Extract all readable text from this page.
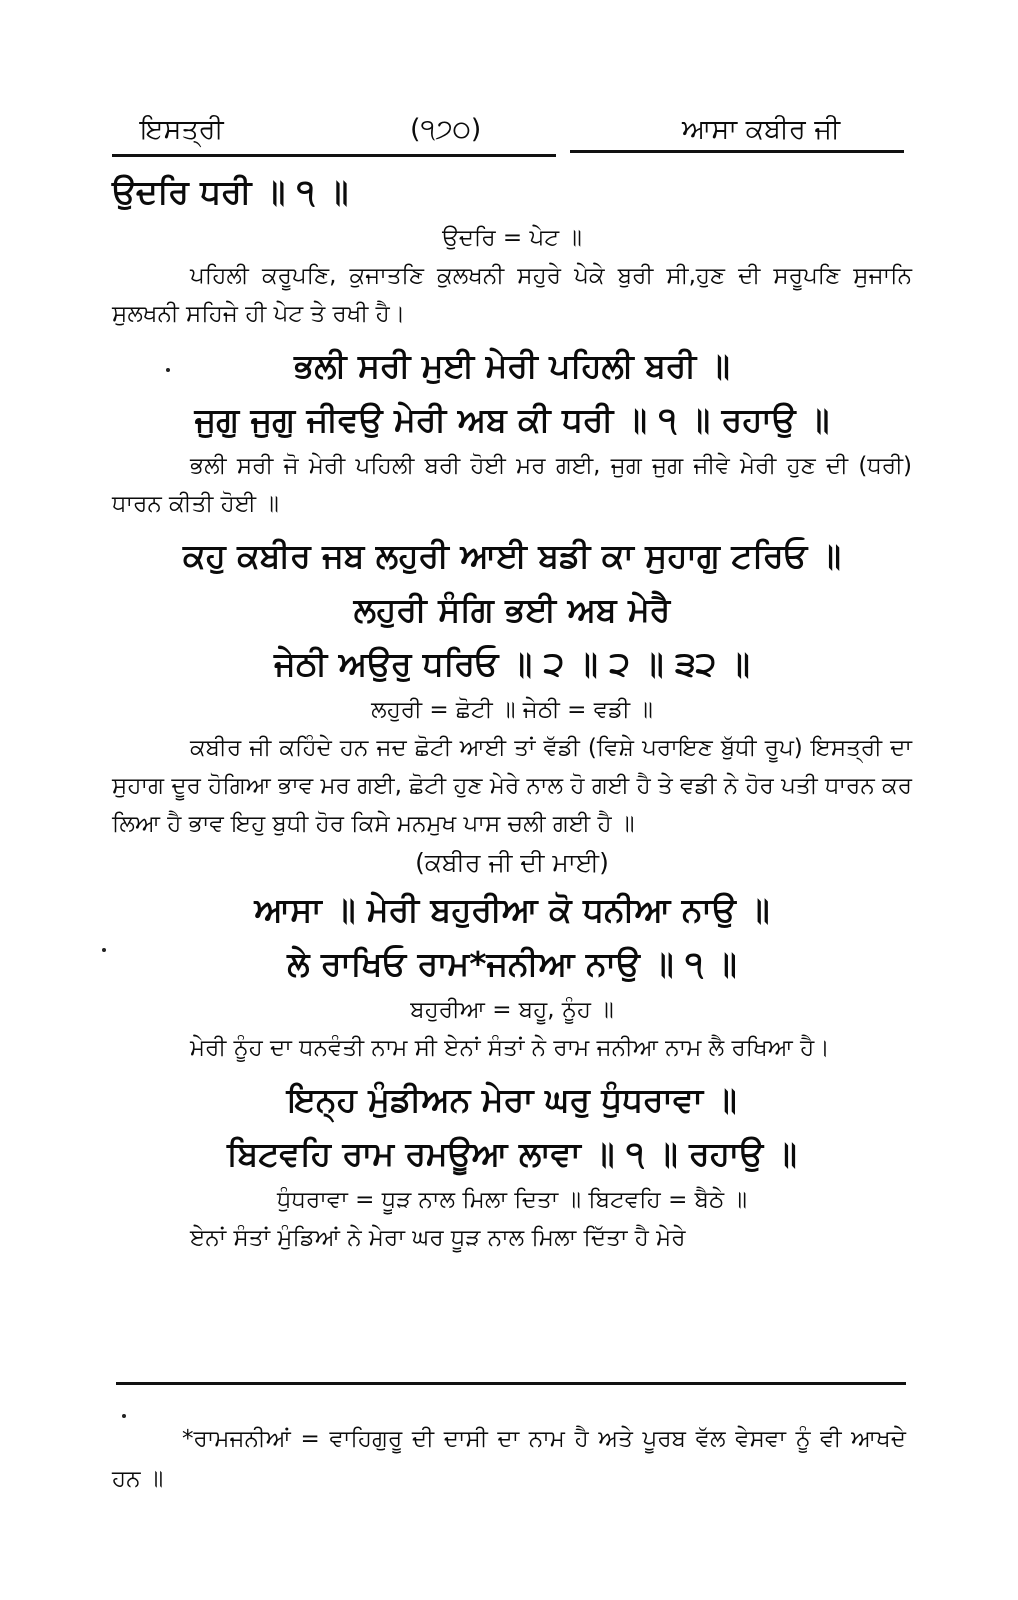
ਇਸਤ੍ਰੀ	(੧੭੦)	ਆਸਾ ਕਬੀਰ ਜੀ

ਉਦਰਿ ਧਰੀ ॥ ੧ ॥

ਉਦਰਿ = ਪੇਟ ॥

ਪਹਿਲੀ ਕਰੂਪਣਿ, ਕੁਜਾਤਣਿ ਕੁਲਖਨੀ ਸਹੁਰੇ ਪੇਕੇ ਬੁਰੀ ਸੀ,ਹੁਣ ਦੀ ਸਰੂਪਣਿ ਸੁਜਾਨਿ ਸੁਲਖਨੀ ਸਹਿਜੇ ਹੀ ਪੇਟ ਤੇ ਰਖੀ ਹੈ।

ਭਲੀ ਸਰੀ ਮੁਈ ਮੇਰੀ ਪਹਿਲੀ ਬਰੀ ॥

ਜੁਗੁ ਜੁਗੁ ਜੀਵਉ ਮੇਰੀ ਅਬ ਕੀ ਧਰੀ ॥ ੧ ॥ ਰਹਾਉ ॥

ਭਲੀ ਸਰੀ ਜੋ ਮੇਰੀ ਪਹਿਲੀ ਬਰੀ ਹੋਈ ਮਰ ਗਈ, ਜੁਗ ਜੁਗ ਜੀਵੇ ਮੇਰੀ ਹੁਣ ਦੀ (ਧਰੀ) ਧਾਰਨ ਕੀਤੀ ਹੋਈ ॥

ਕਹੁ ਕਬੀਰ ਜਬ ਲਹੁਰੀ ਆਈ ਬਡੀ ਕਾ ਸੁਹਾਗੁ ਟਰਿਓ ॥

ਲਹੁਰੀ ਸੰਗਿ ਭਈ ਅਬ ਮੇਰੈ

ਜੇਠੀ ਅਉਰੁ ਧਰਿਓ ॥ ੨ ॥ ੨ ॥ ੩੨ ॥

ਲਹੁਰੀ = ਛੋਟੀ ॥ ਜੇਠੀ = ਵਡੀ ॥

ਕਬੀਰ ਜੀ ਕਹਿੰਦੇ ਹਨ ਜਦ ਛੋਟੀ ਆਈ ਤਾਂ ਵੱਡੀ (ਵਿਸ਼ੇ ਪਰਾਇਣ ਬੁੱਧੀ ਰੂਪ) ਇਸਤ੍ਰੀ ਦਾ ਸੁਹਾਗ ਦੂਰ ਹੋਗਿਆ ਭਾਵ ਮਰ ਗਈ, ਛੋਟੀ ਹੁਣ ਮੇਰੇ ਨਾਲ ਹੋ ਗਈ ਹੈ ਤੇ ਵਡੀ ਨੇ ਹੋਰ ਪਤੀ ਧਾਰਨ ਕਰ ਲਿਆ ਹੈ ਭਾਵ ਇਹੁ ਬੁਧੀ ਹੋਰ ਕਿਸੇ ਮਨਮੁਖ ਪਾਸ ਚਲੀ ਗਈ ਹੈ ॥

(ਕਬੀਰ ਜੀ ਦੀ ਮਾਈ)

ਆਸਾ ॥ ਮੇਰੀ ਬਹੁਰੀਆ ਕੋ ਧਨੀਆ ਨਾਉ ॥

ਲੇ ਰਾਖਿਓ ਰਾਮ*ਜਨੀਆ ਨਾਉ ॥ ੧ ॥

ਬਹੁਰੀਆ = ਬਹੂ, ਨੂੰਹ ॥

ਮੇਰੀ ਨੂੰਹ ਦਾ ਧਨਵੰਤੀ ਨਾਮ ਸੀ ਏਨਾਂ ਸੰਤਾਂ ਨੇ ਰਾਮ ਜਨੀਆ ਨਾਮ ਲੈ ਰਖਿਆ ਹੈ।

ਇਨ੍ਹ ਮੁੰਡੀਅਨ ਮੇਰਾ ਘਰੁ ਧੁੰਧਰਾਵਾ ॥

ਬਿਟਵਹਿ ਰਾਮ ਰਮਊਆ ਲਾਵਾ ॥ ੧ ॥ ਰਹਾਉ ॥

ਧੁੰਧਰਾਵਾ = ਧੂੜ ਨਾਲ ਮਿਲਾ ਦਿਤਾ ॥ ਬਿਟਵਹਿ = ਬੈਠੇ ॥

ਏਨਾਂ ਸੰਤਾਂ ਮੁੰਡਿਆਂ ਨੇ ਮੇਰਾ ਘਰ ਧੂੜ ਨਾਲ ਮਿਲਾ ਦਿੱਤਾ ਹੈ ਮੇਰੇ

*ਰਾਮਜਨੀਆਂ = ਵਾਹਿਗੁਰੂ ਦੀ ਦਾਸੀ ਦਾ ਨਾਮ ਹੈ ਅਤੇ ਪੂਰਬ ਵੱਲ ਵੇਸਵਾ ਨੂੰ ਵੀ ਆਖਦੇ ਹਨ ॥
